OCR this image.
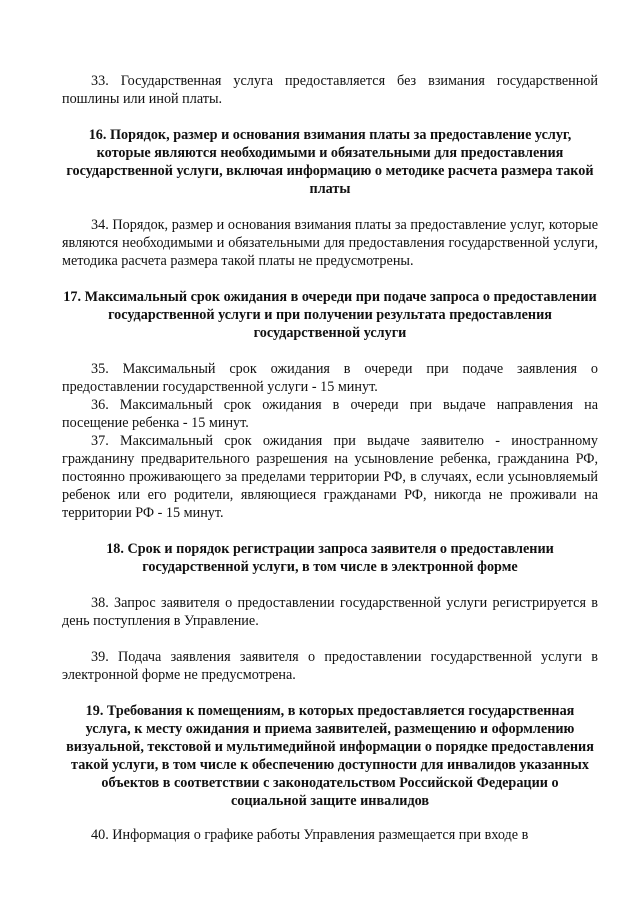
33. Государственная услуга предоставляется без взимания государственной пошлины или иной платы.

16. Порядок, размер и основания взимания платы за предоставление услуг, которые являются необходимыми и обязательными для предоставления государственной услуги, включая информацию о методике расчета размера такой платы

34. Порядок, размер и основания взимания платы за предоставление услуг, которые являются необходимыми и обязательными для предоставления государственной услуги, методика расчета размера такой платы не предусмотрены.

17. Максимальный срок ожидания в очереди при подаче запроса о предоставлении государственной услуги и при получении результата предоставления государственной услуги

35. Максимальный срок ожидания в очереди при подаче заявления о предоставлении государственной услуги - 15 минут.

36. Максимальный срок ожидания в очереди при выдаче направления на посещение ребенка - 15 минут.

37. Максимальный срок ожидания при выдаче заявителю - иностранному гражданину предварительного разрешения на усыновление ребенка, гражданина РФ, постоянно проживающего за пределами территории РФ, в случаях, если усыновляемый ребенок или его родители, являющиеся гражданами РФ, никогда не проживали на территории РФ - 15 минут.

18. Срок и порядок регистрации запроса заявителя о предоставлении государственной услуги, в том числе в электронной форме

38. Запрос заявителя о предоставлении государственной услуги регистрируется в день поступления в Управление.

39. Подача заявления заявителя о предоставлении государственной услуги в электронной форме не предусмотрена.

19. Требования к помещениям, в которых предоставляется государственная услуга, к месту ожидания и приема заявителей, размещению и оформлению визуальной, текстовой и мультимедийной информации о порядке предоставления такой услуги, в том числе к обеспечению доступности для инвалидов указанных объектов в соответствии с законодательством Российской Федерации о социальной защите инвалидов

40. Информация о графике работы Управления размещается при входе в
